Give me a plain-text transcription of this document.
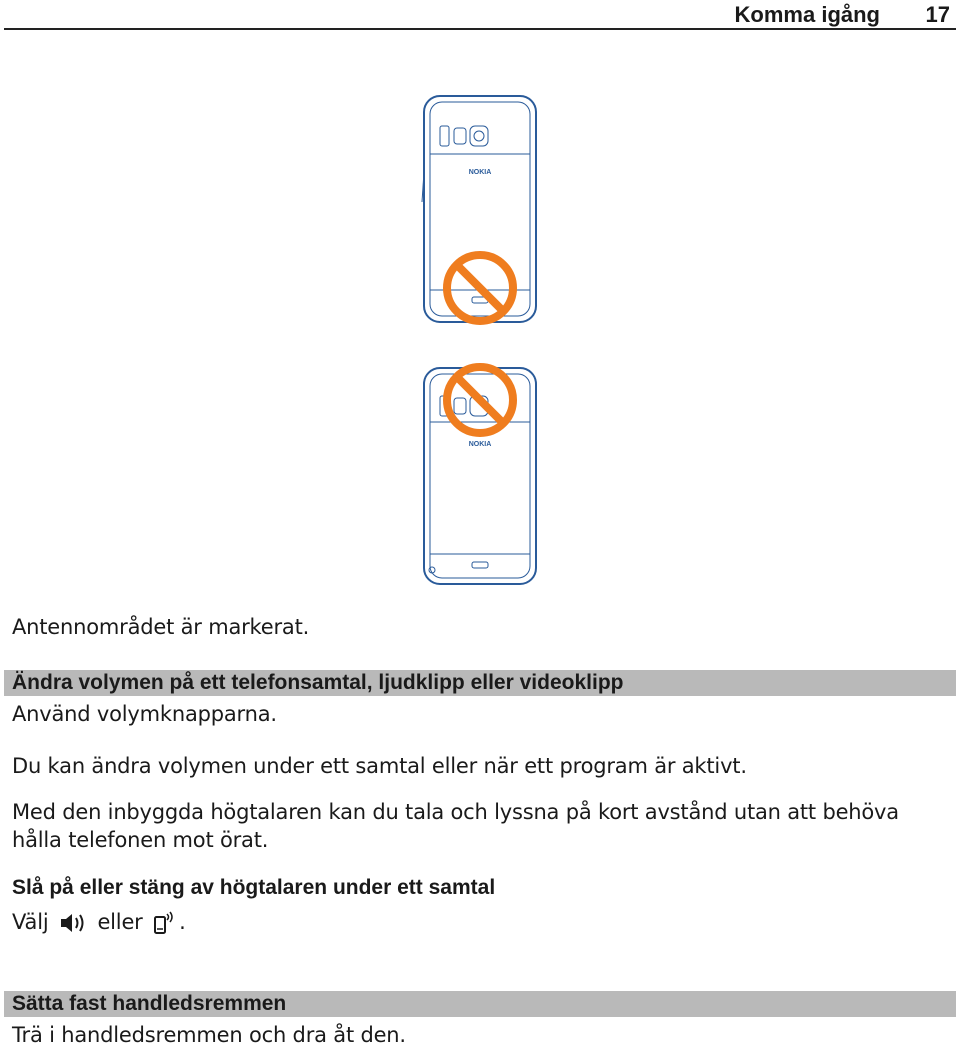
Komma igång 17
NOKIA
NOKIA
Antennområdet är markerat.
Ändra volymen på ett telefonsamtal, ljudklipp eller videoklipp
Använd volymknapparna.
Du kan ändra volymen under ett samtal eller när ett program är aktivt.
Med den inbyggda högtalaren kan du tala och lyssna på kort avstånd utan att behöva
hålla telefonen mot örat.
Slå på eller stäng av högtalaren under ett samtal
Välj eller .
Sätta fast handledsremmen
Trä i handledsremmen och dra åt den.
